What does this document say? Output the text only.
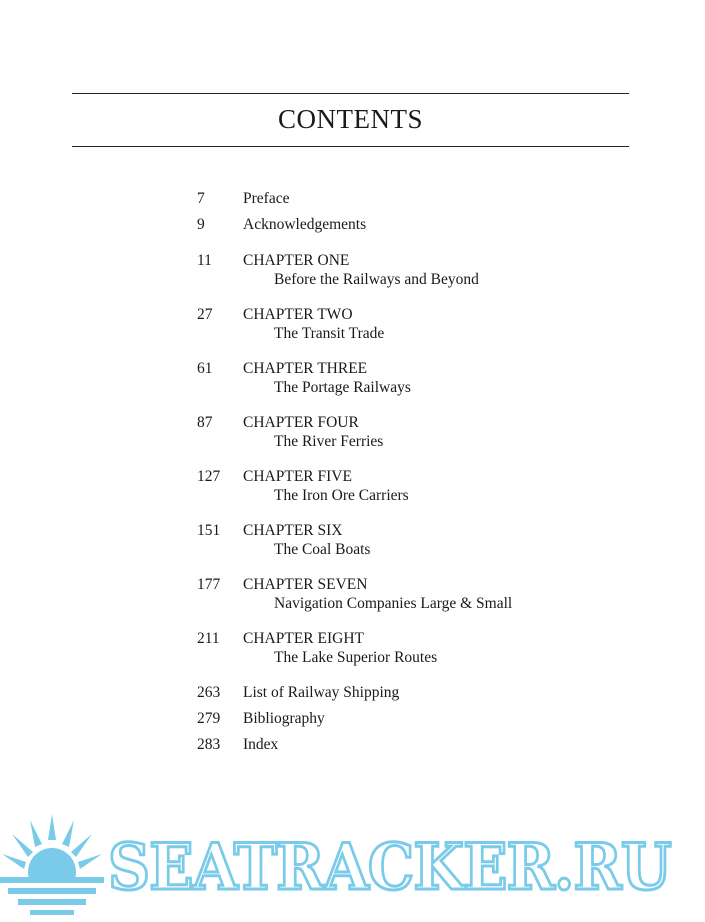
CONTENTS
7 Preface
9 Acknowledgements
11 CHAPTER ONE
Before the Railways and Beyond
27 CHAPTER TWO
The Transit Trade
61 CHAPTER THREE
The Portage Railways
87 CHAPTER FOUR
The River Ferries
127 CHAPTER FIVE
The Iron Ore Carriers
151 CHAPTER SIX
The Coal Boats
177 CHAPTER SEVEN
Navigation Companies Large & Small
211 CHAPTER EIGHT
The Lake Superior Routes
263 List of Railway Shipping
279 Bibliography
283 Index
SEATRACKER.RU
